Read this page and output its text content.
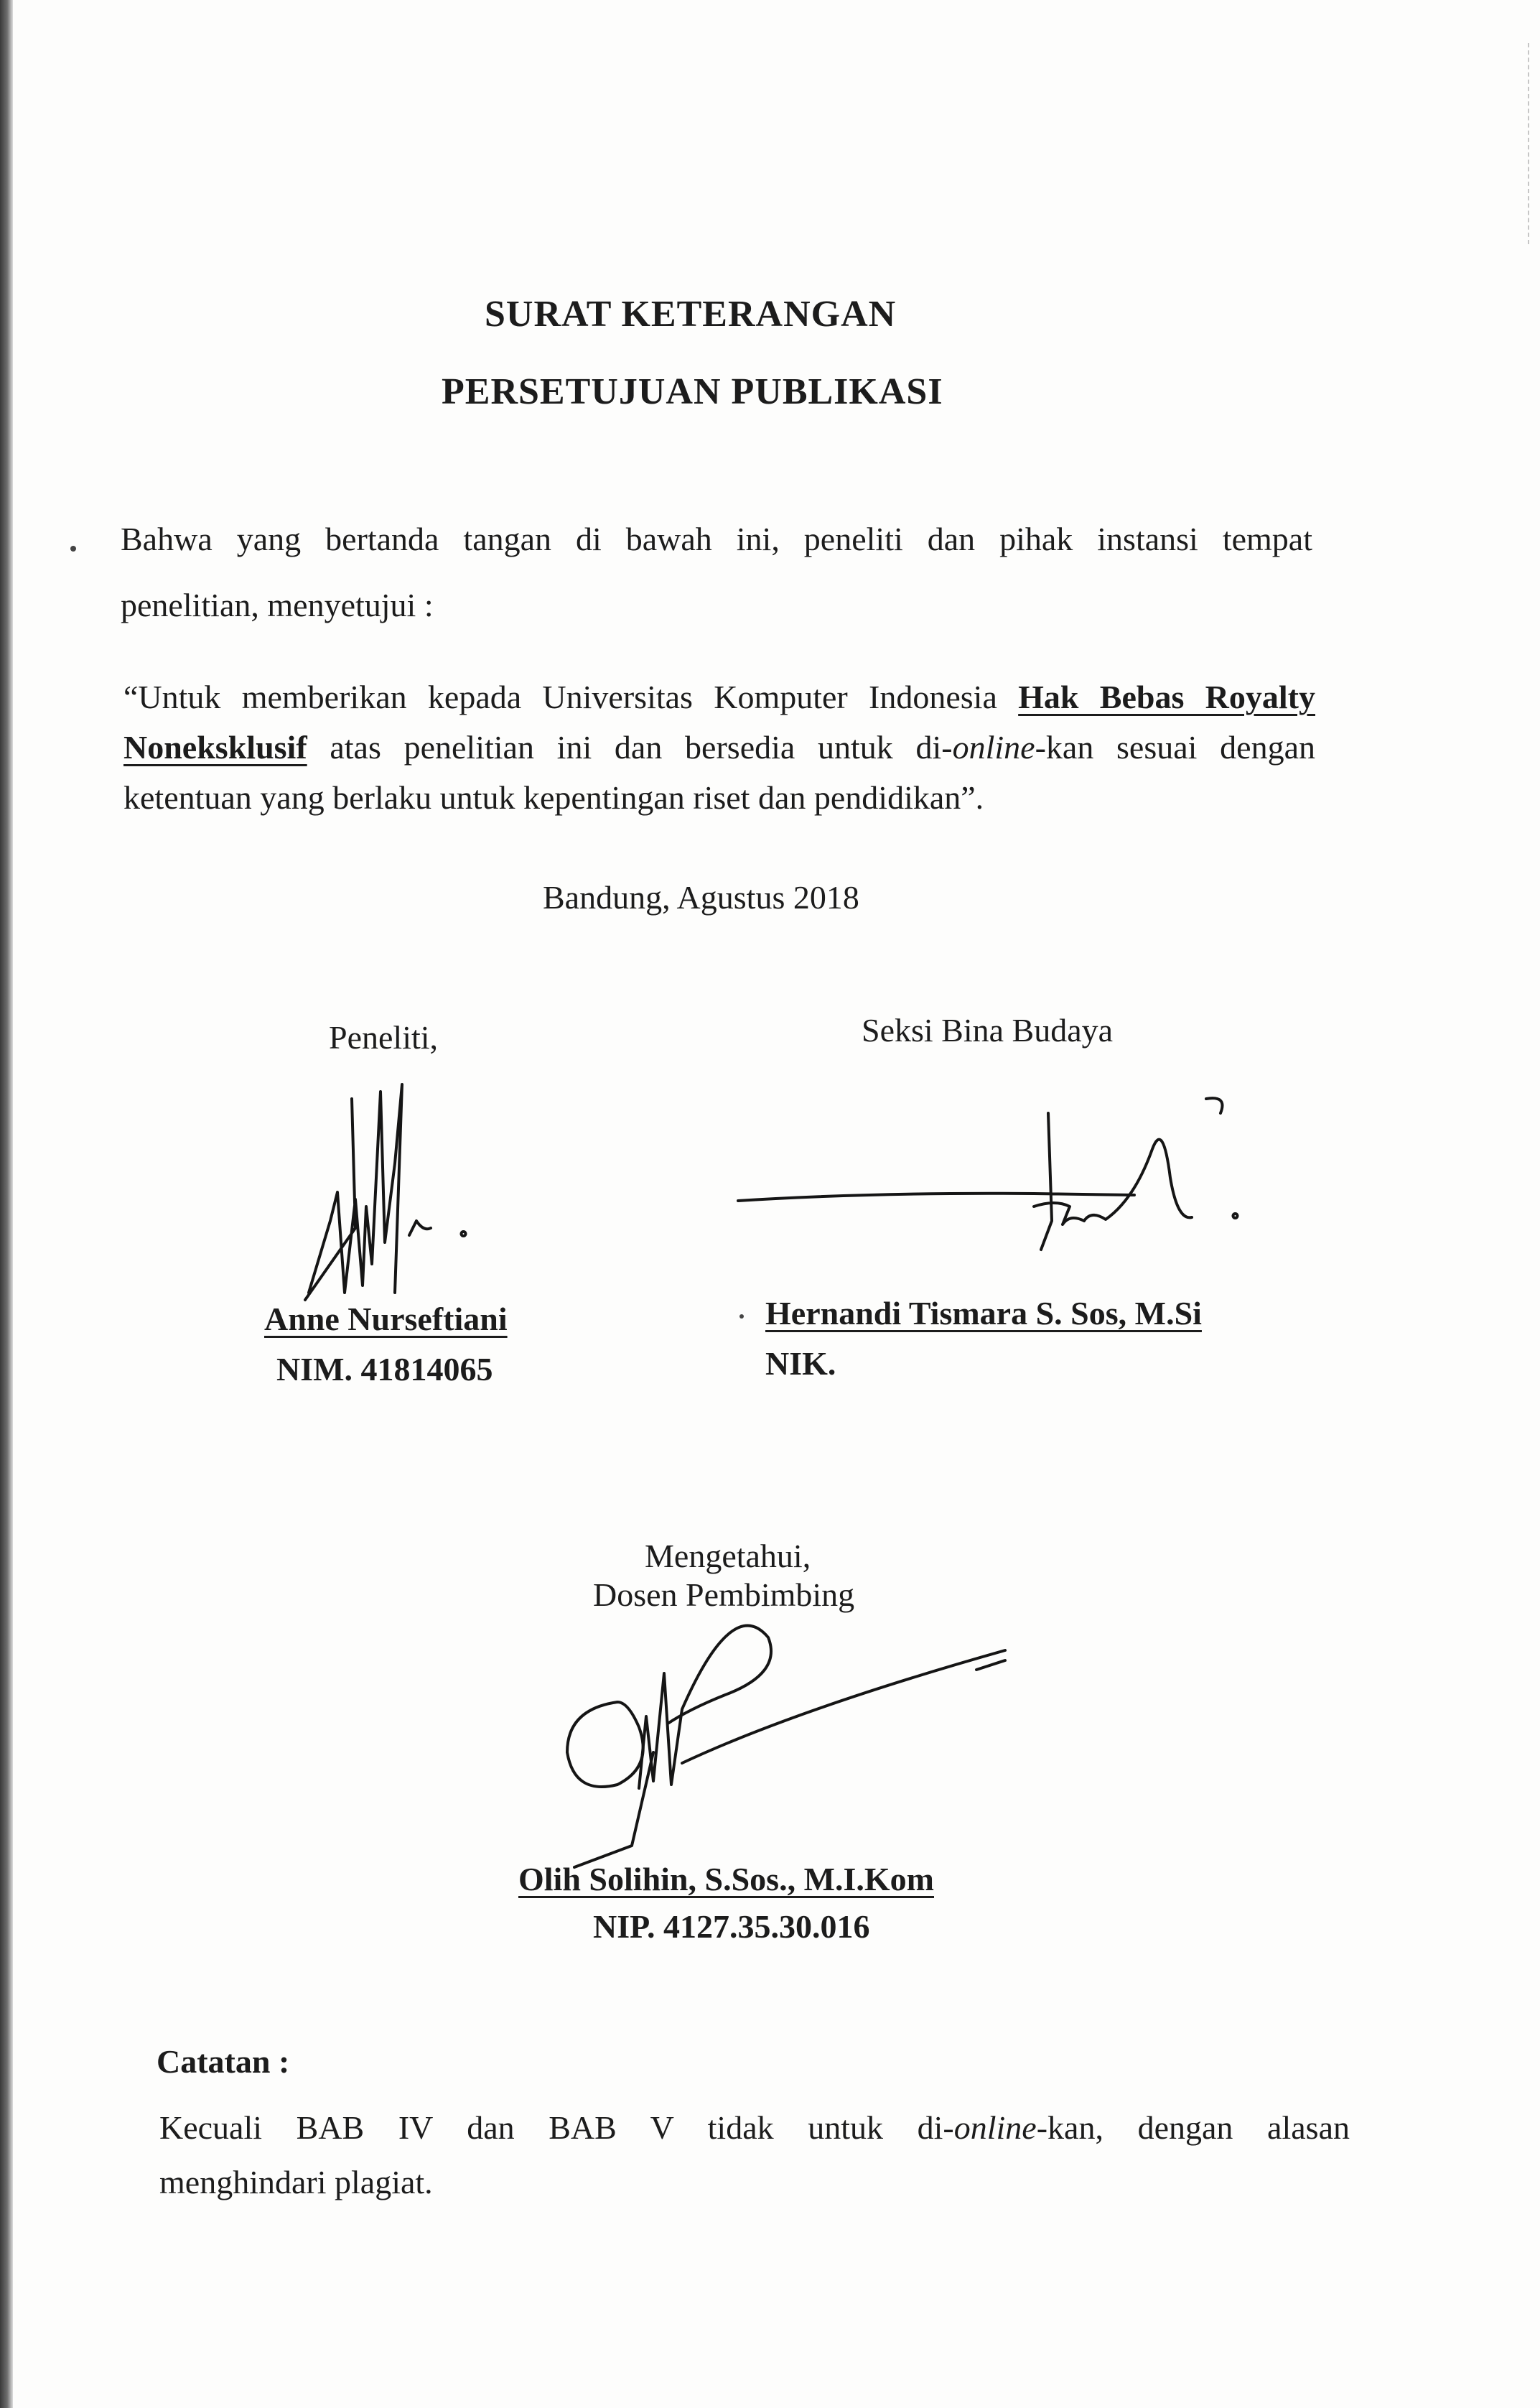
SURAT KETERANGAN
PERSETUJUAN PUBLIKASI
Bahwa yang bertanda tangan di bawah ini, peneliti dan pihak instansi tempat
penelitian, menyetujui :
“Untuk memberikan kepada Universitas Komputer Indonesia Hak Bebas Royalty
Noneksklusif atas penelitian ini dan bersedia untuk di-online-kan sesuai dengan
ketentuan yang berlaku untuk kepentingan riset dan pendidikan”.
Bandung, Agustus 2018
Peneliti,
Anne Nurseftiani
NIM. 41814065
Seksi Bina Budaya
Hernandi Tismara S. Sos, M.Si
NIK.
Mengetahui,
Dosen Pembimbing
Olih Solihin, S.Sos., M.I.Kom
NIP. 4127.35.30.016
Catatan :
Kecuali BAB IV dan BAB V tidak untuk di-online-kan, dengan alasan
menghindari plagiat.
